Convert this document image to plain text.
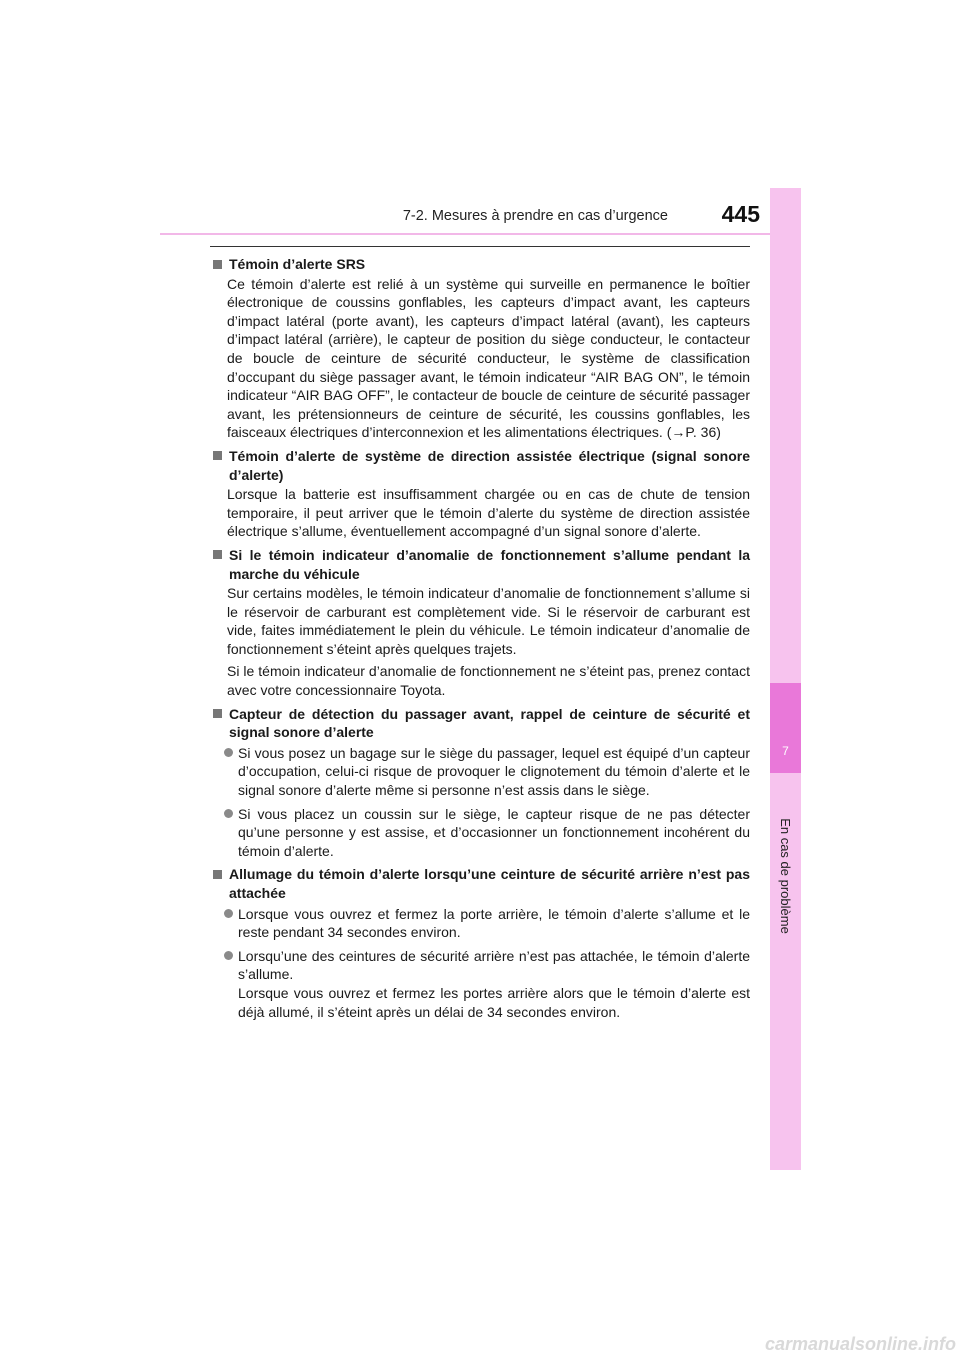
7-2. Mesures à prendre en cas d’urgence	445
7
En cas de problème
Témoin d’alerte SRS
Ce témoin d’alerte est relié à un système qui surveille en permanence le boîtier électronique de coussins gonflables, les capteurs d’impact avant, les capteurs d’impact latéral (porte avant), les capteurs d’impact latéral (avant), les capteurs d’impact latéral (arrière), le capteur de position du siège conducteur, le contacteur de boucle de ceinture de sécurité conducteur, le système de classification d’occupant du siège passager avant, le témoin indicateur “AIR BAG ON”, le témoin indicateur “AIR BAG OFF”, le contacteur de boucle de ceinture de sécurité passager avant, les prétensionneurs de ceinture de sécurité, les coussins gonflables, les faisceaux électriques d’interconnexion et les alimentations électriques. (→P. 36)
Témoin d’alerte de système de direction assistée électrique (signal sonore d’alerte)
Lorsque la batterie est insuffisamment chargée ou en cas de chute de tension temporaire, il peut arriver que le témoin d’alerte du système de direction assistée électrique s’allume, éventuellement accompagné d’un signal sonore d’alerte.
Si le témoin indicateur d’anomalie de fonctionnement s’allume pendant la marche du véhicule
Sur certains modèles, le témoin indicateur d’anomalie de fonctionnement s’allume si le réservoir de carburant est complètement vide. Si le réservoir de carburant est vide, faites immédiatement le plein du véhicule. Le témoin indicateur d’anomalie de fonctionnement s’éteint après quelques trajets.
Si le témoin indicateur d’anomalie de fonctionnement ne s’éteint pas, prenez contact avec votre concessionnaire Toyota.
Capteur de détection du passager avant, rappel de ceinture de sécurité et signal sonore d’alerte
Si vous posez un bagage sur le siège du passager, lequel est équipé d’un capteur d’occupation, celui-ci risque de provoquer le clignotement du témoin d’alerte et le signal sonore d’alerte même si personne n’est assis dans le siège.
Si vous placez un coussin sur le siège, le capteur risque de ne pas détecter qu’une personne y est assise, et d’occasionner un fonctionnement incohérent du témoin d’alerte.
Allumage du témoin d’alerte lorsqu’une ceinture de sécurité arrière n’est pas attachée
Lorsque vous ouvrez et fermez la porte arrière, le témoin d’alerte s’allume et le reste pendant 34 secondes environ.
Lorsqu’une des ceintures de sécurité arrière n’est pas attachée, le témoin d’alerte s’allume.
Lorsque vous ouvrez et fermez les portes arrière alors que le témoin d’alerte est déjà allumé, il s’éteint après un délai de 34 secondes environ.
carmanualsonline.info
